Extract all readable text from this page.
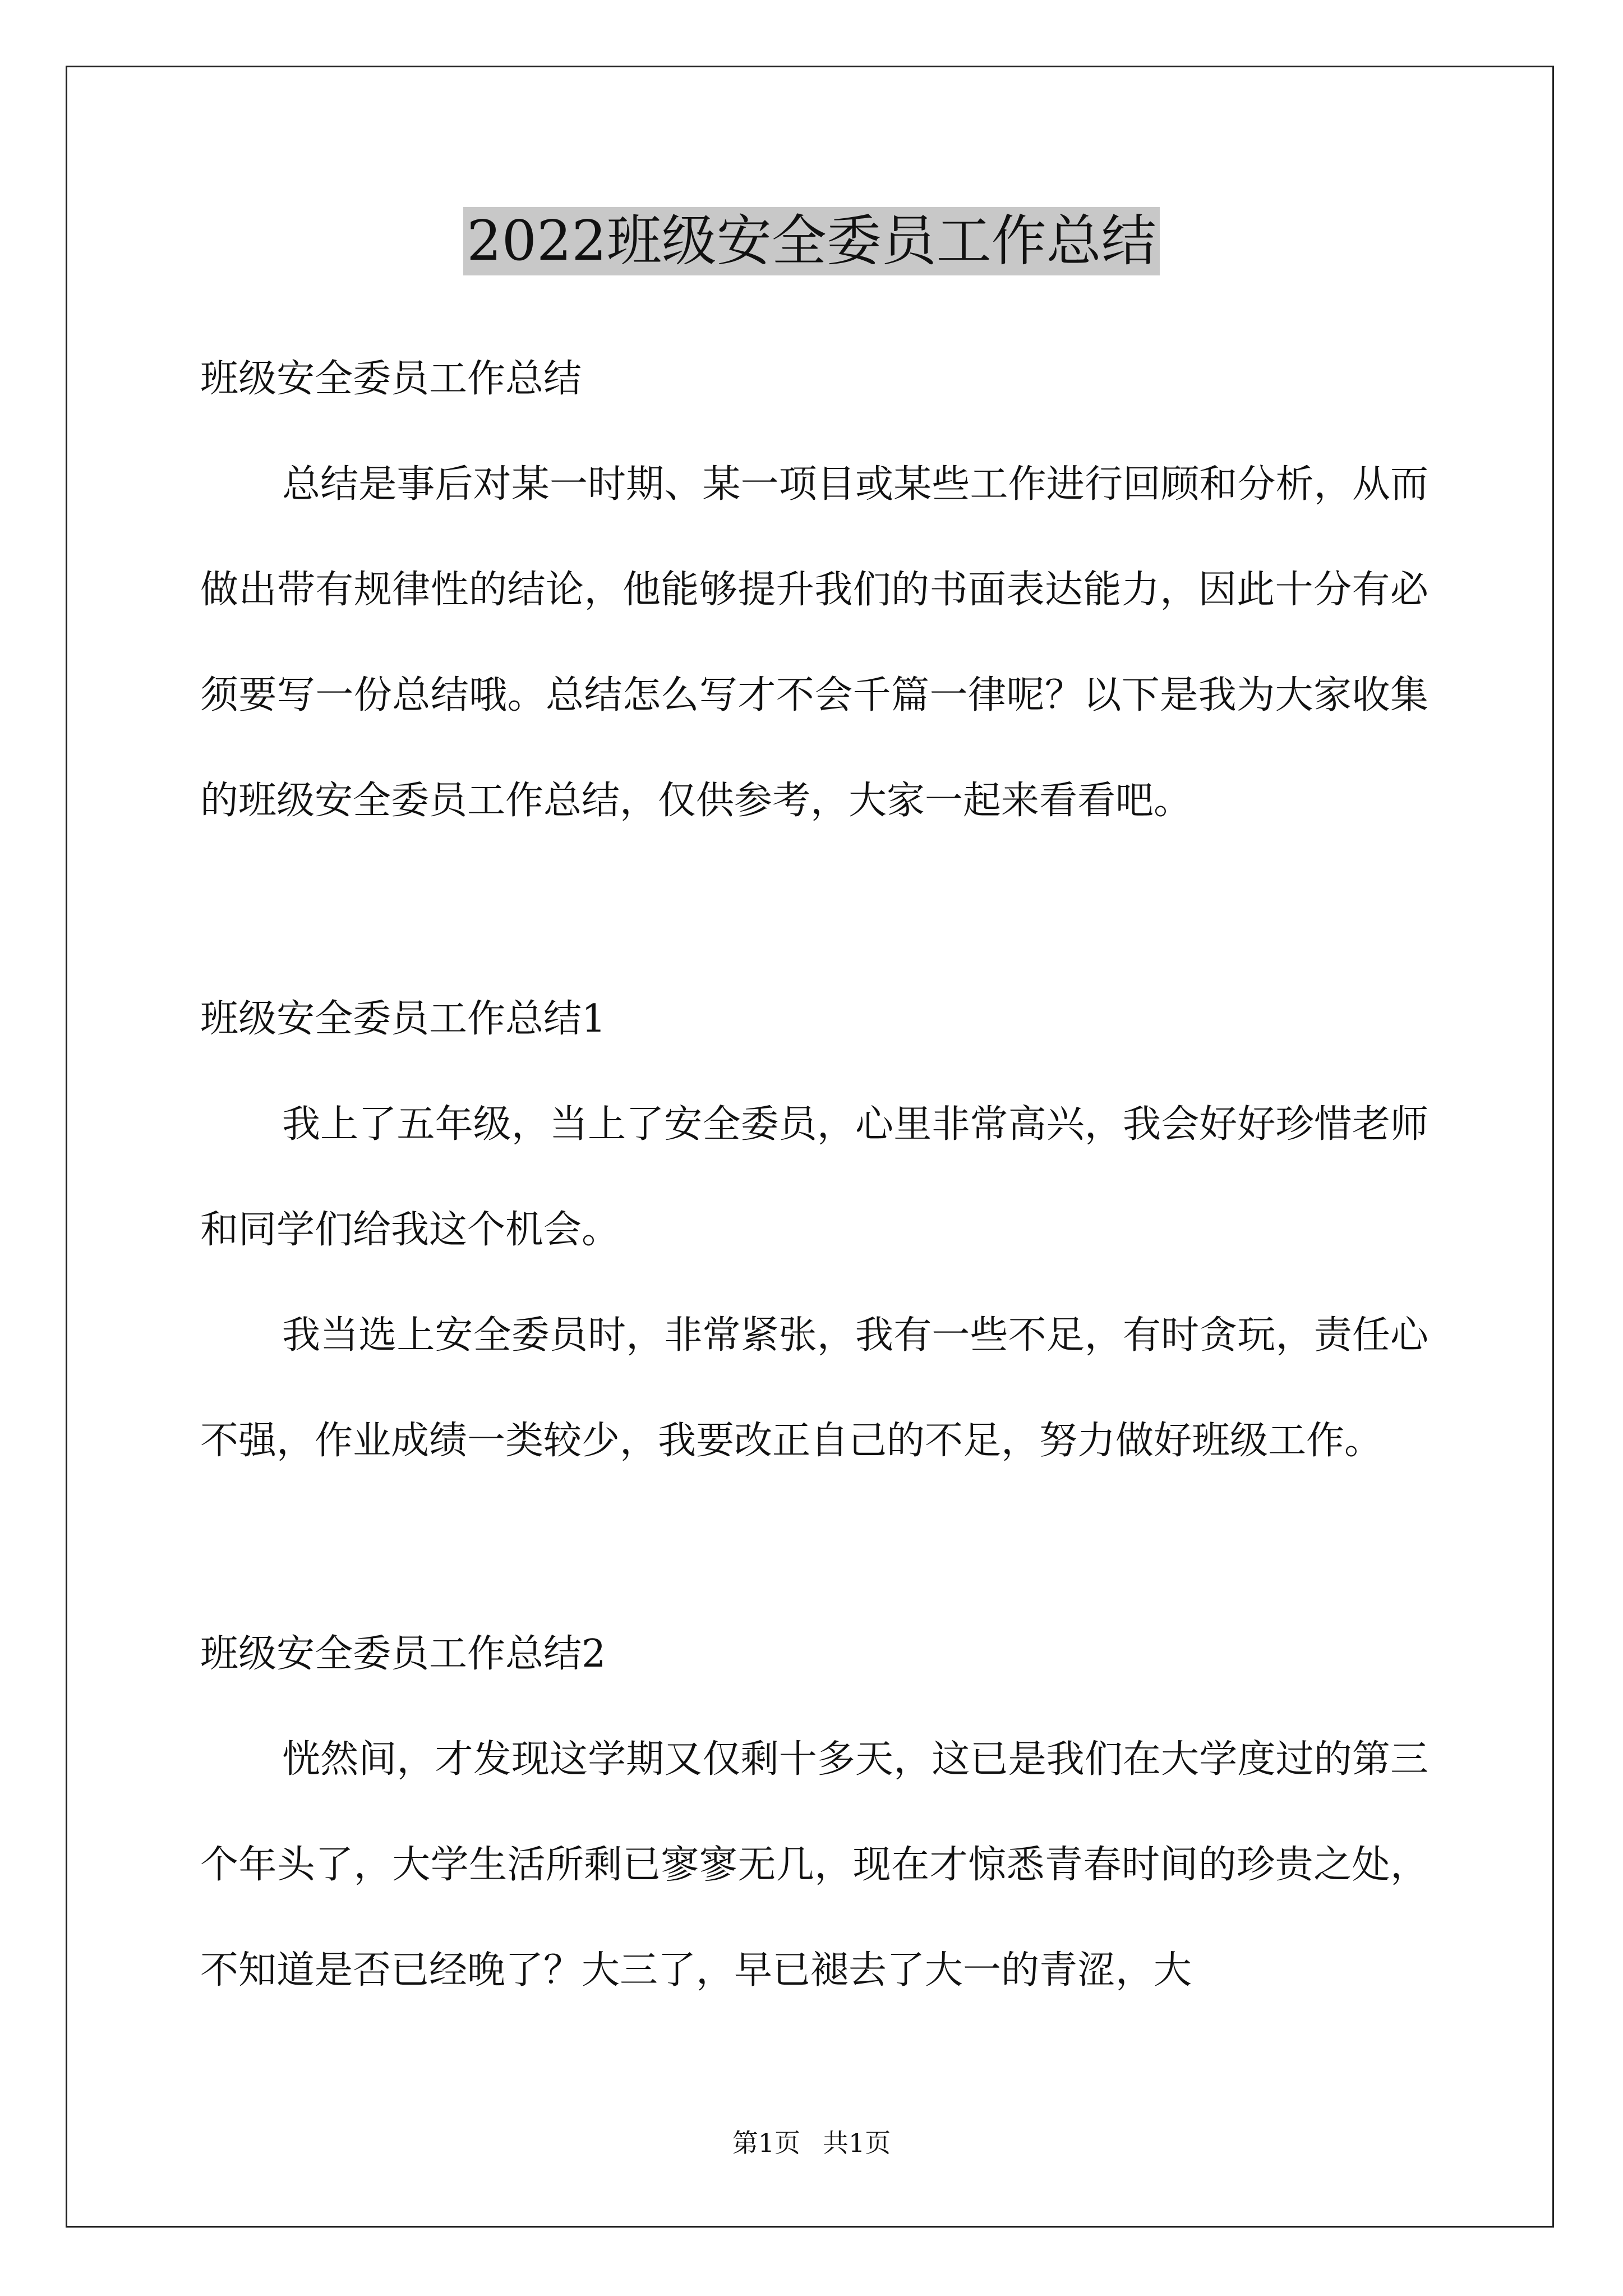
2022班级安全委员工作总结
班级安全委员工作总结
总结是事后对某一时期、某一项目或某些工作进行回顾和分析，从而做出带有规律性的结论，他能够提升我们的书面表达能力，因此十分有必须要写一份总结哦。总结怎么写才不会千篇一律呢？以下是我为大家收集的班级安全委员工作总结，仅供参考，大家一起来看看吧。
班级安全委员工作总结1
我上了五年级，当上了安全委员，心里非常高兴，我会好好珍惜老师和同学们给我这个机会。
我当选上安全委员时，非常紧张，我有一些不足，有时贪玩，责任心不强，作业成绩一类较少，我要改正自己的不足，努力做好班级工作。
班级安全委员工作总结2
恍然间，才发现这学期又仅剩十多天，这已是我们在大学度过的第三个年头了，大学生活所剩已寥寥无几，现在才惊悉青春时间的珍贵之处，不知道是否已经晚了？大三了，早已褪去了大一的青涩，大
第1页 共1页
